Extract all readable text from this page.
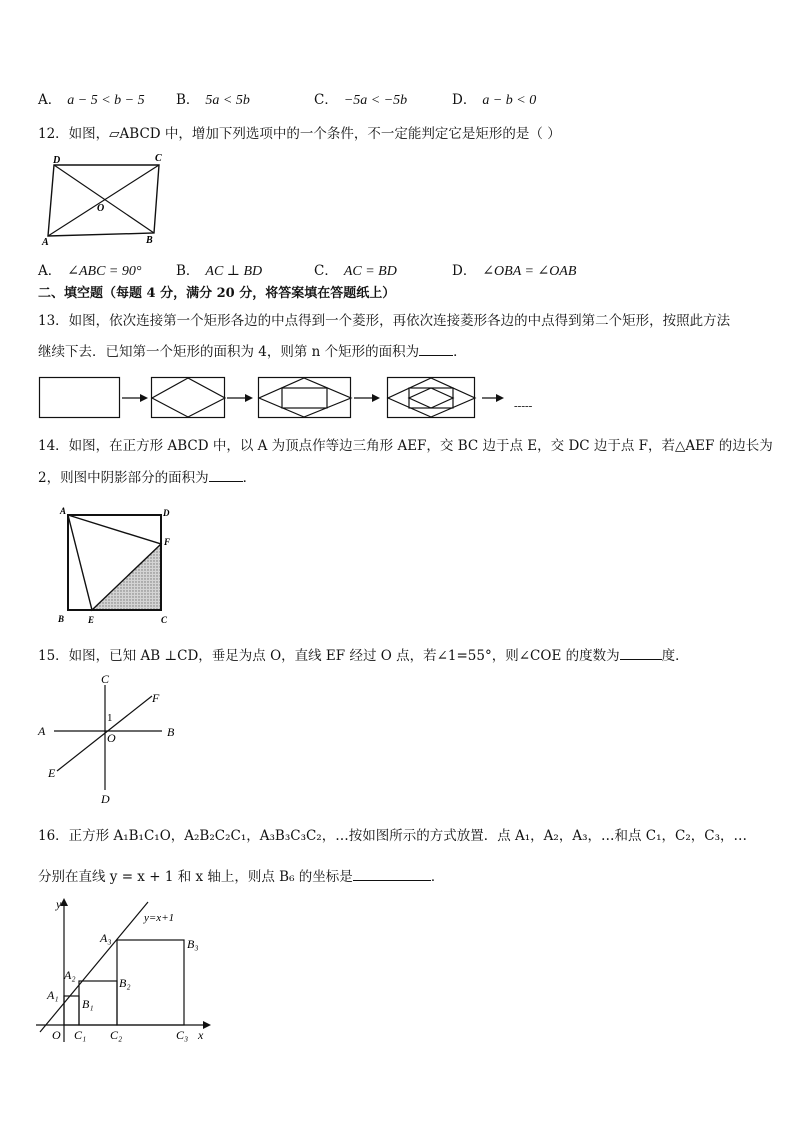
A． a − 5 < b − 5 B． 5a < 5b	C． −5a < −5b	D． a − b < 0
12．如图，▱ABCD 中，增加下列选项中的一个条件，不一定能判定它是矩形的是（ ）
D	C
O
A	B
A． ∠ABC = 90°	B． AC ⊥ BD	C． AC = BD	D． ∠OBA = ∠OAB
二、填空题（每题 4 分，满分 20 分，将答案填在答题纸上）
13．如图，依次连接第一个矩形各边的中点得到一个菱形，再依次连接菱形各边的中点得到第二个矩形，按照此方法
继续下去．已知第一个矩形的面积为 4，则第 n 个矩形的面积为	．
-----
14．如图，在正方形 ABCD 中，以 A 为顶点作等边三角形 AEF，交 BC 边于点 E，交 DC 边于点 F，若△AEF 的边长为
2，则图中阴影部分的面积为	．
A	D
F
B	E	C
15．如图，已知 AB ⊥CD，垂足为点 O，直线 EF 经过 O 点，若∠1=55°，则∠COE 的度数为	度．
C
F
A	B
1
O
E
D
16．正方形 A₁B₁C₁O，A₂B₂C₂C₁，A₃B₃C₃C₂，…按如图所示的方式放置．点 A₁，A₂，A₃，…和点 C₁，C₂，C₃，…
分别在直线 y = x + 1 和 x 轴上，则点 B₆ 的坐标是	．
y
y=x+1
A₃	B₃
A₂
B₂
A₁
B₁
O C₁ C₂	C₃ x
